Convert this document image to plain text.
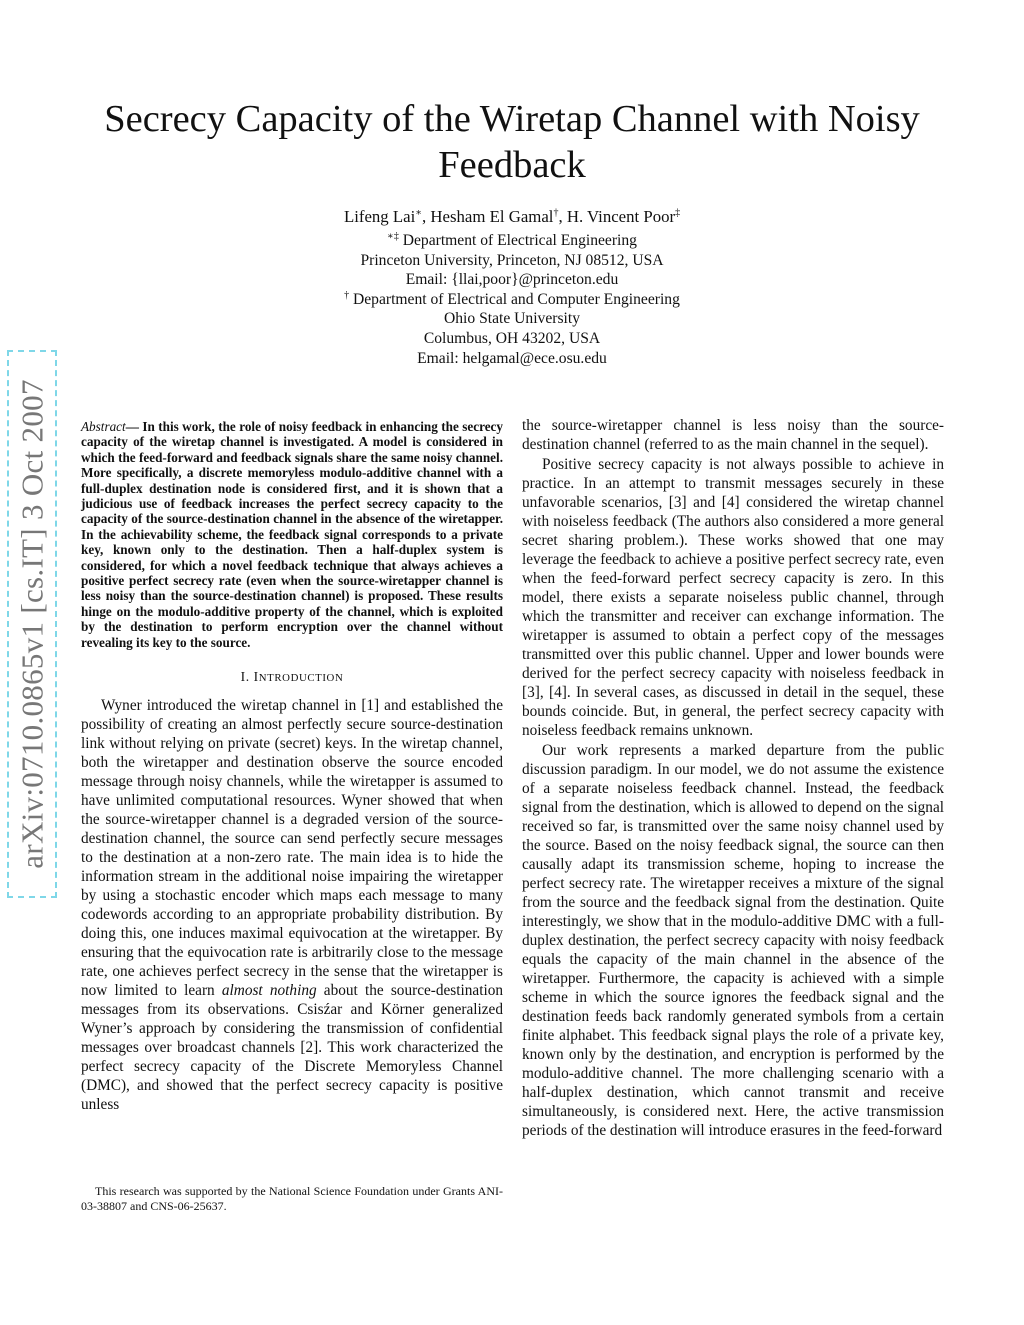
arXiv:0710.0865v1 [cs.IT] 3 Oct 2007
Secrecy Capacity of the Wiretap Channel with Noisy Feedback
Lifeng Lai∗, Hesham El Gamal†, H. Vincent Poor‡
∗‡ Department of Electrical Engineering
Princeton University, Princeton, NJ 08512, USA
Email: {llai,poor}@princeton.edu
† Department of Electrical and Computer Engineering
Ohio State University
Columbus, OH 43202, USA
Email: helgamal@ece.osu.edu

Abstract— In this work, the role of noisy feedback in enhancing the secrecy capacity of the wiretap channel is investigated. A model is considered in which the feed-forward and feedback signals share the same noisy channel. More specifically, a discrete memoryless modulo-additive channel with a full-duplex destination node is considered first, and it is shown that a judicious use of feedback increases the perfect secrecy capacity to the capacity of the source-destination channel in the absence of the wiretapper. In the achievability scheme, the feedback signal corresponds to a private key, known only to the destination. Then a half-duplex system is considered, for which a novel feedback technique that always achieves a positive perfect secrecy rate (even when the source-wiretapper channel is less noisy than the source-destination channel) is proposed. These results hinge on the modulo-additive property of the channel, which is exploited by the destination to perform encryption over the channel without revealing its key to the source.

I. INTRODUCTION

Wyner introduced the wiretap channel in [1] and established the possibility of creating an almost perfectly secure source-destination link without relying on private (secret) keys. In the wiretap channel, both the wiretapper and destination observe the source encoded message through noisy channels, while the wiretapper is assumed to have unlimited computational resources. Wyner showed that when the source-wiretapper channel is a degraded version of the source-destination channel, the source can send perfectly secure messages to the destination at a non-zero rate. The main idea is to hide the information stream in the additional noise impairing the wiretapper by using a stochastic encoder which maps each message to many codewords according to an appropriate probability distribution. By doing this, one induces maximal equivocation at the wiretapper. By ensuring that the equivocation rate is arbitrarily close to the message rate, one achieves perfect secrecy in the sense that the wiretapper is now limited to learn almost nothing about the source-destination messages from its observations. Csisźar and Körner generalized Wyner’s approach by considering the transmission of confidential messages over broadcast channels [2]. This work characterized the perfect secrecy capacity of the Discrete Memoryless Channel (DMC), and showed that the perfect secrecy capacity is positive unless

This research was supported by the National Science Foundation under Grants ANI-03-38807 and CNS-06-25637.

the source-wiretapper channel is less noisy than the source-destination channel (referred to as the main channel in the sequel).

Positive secrecy capacity is not always possible to achieve in practice. In an attempt to transmit messages securely in these unfavorable scenarios, [3] and [4] considered the wiretap channel with noiseless feedback (The authors also considered a more general secret sharing problem.). These works showed that one may leverage the feedback to achieve a positive perfect secrecy rate, even when the feed-forward perfect secrecy capacity is zero. In this model, there exists a separate noiseless public channel, through which the transmitter and receiver can exchange information. The wiretapper is assumed to obtain a perfect copy of the messages transmitted over this public channel. Upper and lower bounds were derived for the perfect secrecy capacity with noiseless feedback in [3], [4]. In several cases, as discussed in detail in the sequel, these bounds coincide. But, in general, the perfect secrecy capacity with noiseless feedback remains unknown.

Our work represents a marked departure from the public discussion paradigm. In our model, we do not assume the existence of a separate noiseless feedback channel. Instead, the feedback signal from the destination, which is allowed to depend on the signal received so far, is transmitted over the same noisy channel used by the source. Based on the noisy feedback signal, the source can then causally adapt its transmission scheme, hoping to increase the perfect secrecy rate. The wiretapper receives a mixture of the signal from the source and the feedback signal from the destination. Quite interestingly, we show that in the modulo-additive DMC with a full-duplex destination, the perfect secrecy capacity with noisy feedback equals the capacity of the main channel in the absence of the wiretapper. Furthermore, the capacity is achieved with a simple scheme in which the source ignores the feedback signal and the destination feeds back randomly generated symbols from a certain finite alphabet. This feedback signal plays the role of a private key, known only by the destination, and encryption is performed by the modulo-additive channel. The more challenging scenario with a half-duplex destination, which cannot transmit and receive simultaneously, is considered next. Here, the active transmission periods of the destination will introduce erasures in the feed-forward
